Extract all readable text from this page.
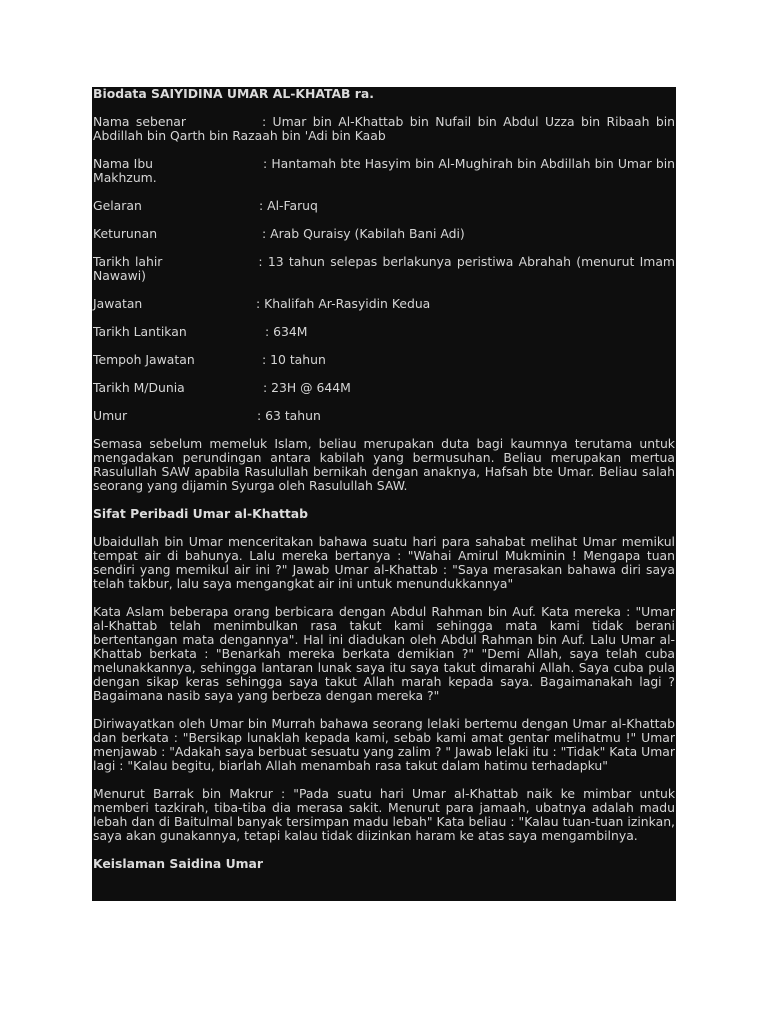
Biodata SAIYIDINA UMAR AL-KHATAB ra.
Nama sebenar	: Umar bin Al-Khattab bin Nufail bin Abdul Uzza bin Ribaah bin Abdillah bin Qarth bin Razaah bin 'Adi bin Kaab
Nama Ibu	: Hantamah bte Hasyim bin Al-Mughirah bin Abdillah bin Umar bin Makhzum.
Gelaran	: Al-Faruq
Keturunan	: Arab Quraisy (Kabilah Bani Adi)
Tarikh lahir	: 13 tahun selepas berlakunya peristiwa Abrahah (menurut Imam Nawawi)
Jawatan	: Khalifah Ar-Rasyidin Kedua
Tarikh Lantikan	: 634M
Tempoh Jawatan	: 10 tahun
Tarikh M/Dunia	: 23H @ 644M
Umur	: 63 tahun

Semasa sebelum memeluk Islam, beliau merupakan duta bagi kaumnya terutama untuk mengadakan perundingan antara kabilah yang bermusuhan. Beliau merupakan mertua Rasulullah SAW apabila Rasulullah bernikah dengan anaknya, Hafsah bte Umar. Beliau salah seorang yang dijamin Syurga oleh Rasulullah SAW.

Sifat Peribadi Umar al-Khattab

Ubaidullah bin Umar menceritakan bahawa suatu hari para sahabat melihat Umar memikul tempat air di bahunya. Lalu mereka bertanya : "Wahai Amirul Mukminin ! Mengapa tuan sendiri yang memikul air ini ?" Jawab Umar al-Khattab : "Saya merasakan bahawa diri saya telah takbur, lalu saya mengangkat air ini untuk menundukkannya"

Kata Aslam beberapa orang berbicara dengan Abdul Rahman bin Auf. Kata mereka : "Umar al-Khattab telah menimbulkan rasa takut kami sehingga mata kami tidak berani bertentangan mata dengannya". Hal ini diadukan oleh Abdul Rahman bin Auf. Lalu Umar al-Khattab berkata : "Benarkah mereka berkata demikian ?" "Demi Allah, saya telah cuba melunakkannya, sehingga lantaran lunak saya itu saya takut dimarahi Allah. Saya cuba pula dengan sikap keras sehingga saya takut Allah marah kepada saya. Bagaimanakah lagi ? Bagaimana nasib saya yang berbeza dengan mereka ?"

Diriwayatkan oleh Umar bin Murrah bahawa seorang lelaki bertemu dengan Umar al-Khattab dan berkata : "Bersikap lunaklah kepada kami, sebab kami amat gentar melihatmu !" Umar menjawab : "Adakah saya berbuat sesuatu yang zalim ? " Jawab lelaki itu : "Tidak" Kata Umar lagi : "Kalau begitu, biarlah Allah menambah rasa takut dalam hatimu terhadapku"

Menurut Barrak bin Makrur : "Pada suatu hari Umar al-Khattab naik ke mimbar untuk memberi tazkirah, tiba-tiba dia merasa sakit. Menurut para jamaah, ubatnya adalah madu lebah dan di Baitulmal banyak tersimpan madu lebah" Kata beliau : "Kalau tuan-tuan izinkan, saya akan gunakannya, tetapi kalau tidak diizinkan haram ke atas saya mengambilnya.

Keislaman Saidina Umar
